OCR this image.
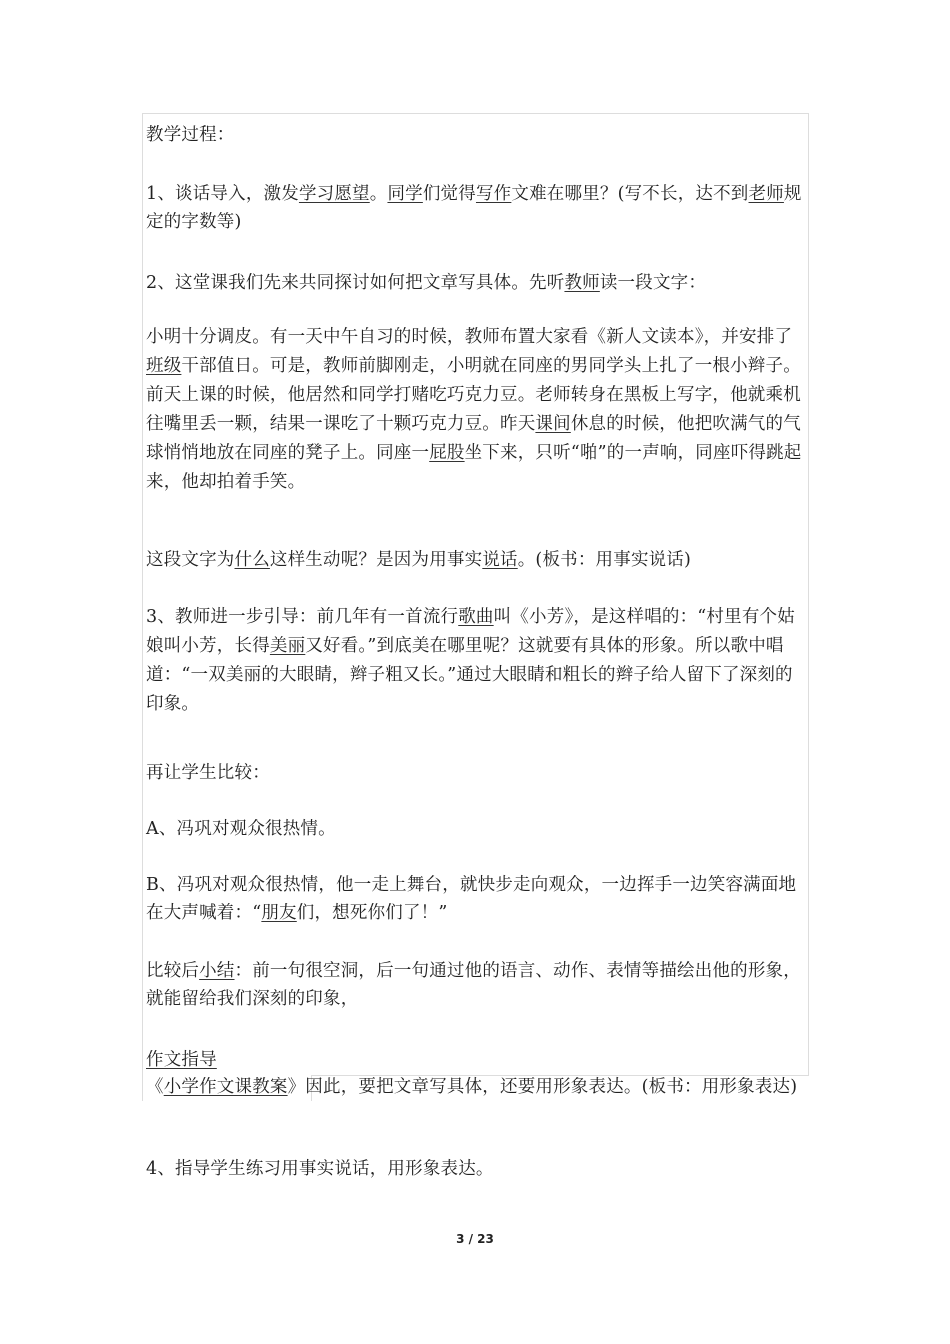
教学过程：

1、谈话导入，激发学习愿望。同学们觉得写作文难在哪里？(写不长，达不到老师规定的字数等)

2、这堂课我们先来共同探讨如何把文章写具体。先听教师读一段文字：

小明十分调皮。有一天中午自习的时候，教师布置大家看《新人文读本》，并安排了班级干部值日。可是，教师前脚刚走，小明就在同座的男同学头上扎了一根小辫子。前天上课的时候，他居然和同学打赌吃巧克力豆。老师转身在黑板上写字，他就乘机往嘴里丢一颗，结果一课吃了十颗巧克力豆。昨天课间休息的时候，他把吹满气的气球悄悄地放在同座的凳子上。同座一屁股坐下来，只听“啪”的一声响，同座吓得跳起来，他却拍着手笑。

这段文字为什么这样生动呢？是因为用事实说话。(板书：用事实说话)

3、教师进一步引导：前几年有一首流行歌曲叫《小芳》，是这样唱的：“村里有个姑娘叫小芳，长得美丽又好看。”到底美在哪里呢？这就要有具体的形象。所以歌中唱道：“一双美丽的大眼睛，辫子粗又长。”通过大眼睛和粗长的辫子给人留下了深刻的印象。

再让学生比较：

A、冯巩对观众很热情。

B、冯巩对观众很热情，他一走上舞台，就快步走向观众，一边挥手一边笑容满面地在大声喊着：“朋友们，想死你们了！”

比较后小结：前一句很空洞，后一句通过他的语言、动作、表情等描绘出他的形象，就能留给我们深刻的印象，

作文指导

《小学作文课教案》因此，要把文章写具体，还要用形象表达。(板书：用形象表达)

4、指导学生练习用事实说话，用形象表达。

3 / 23
